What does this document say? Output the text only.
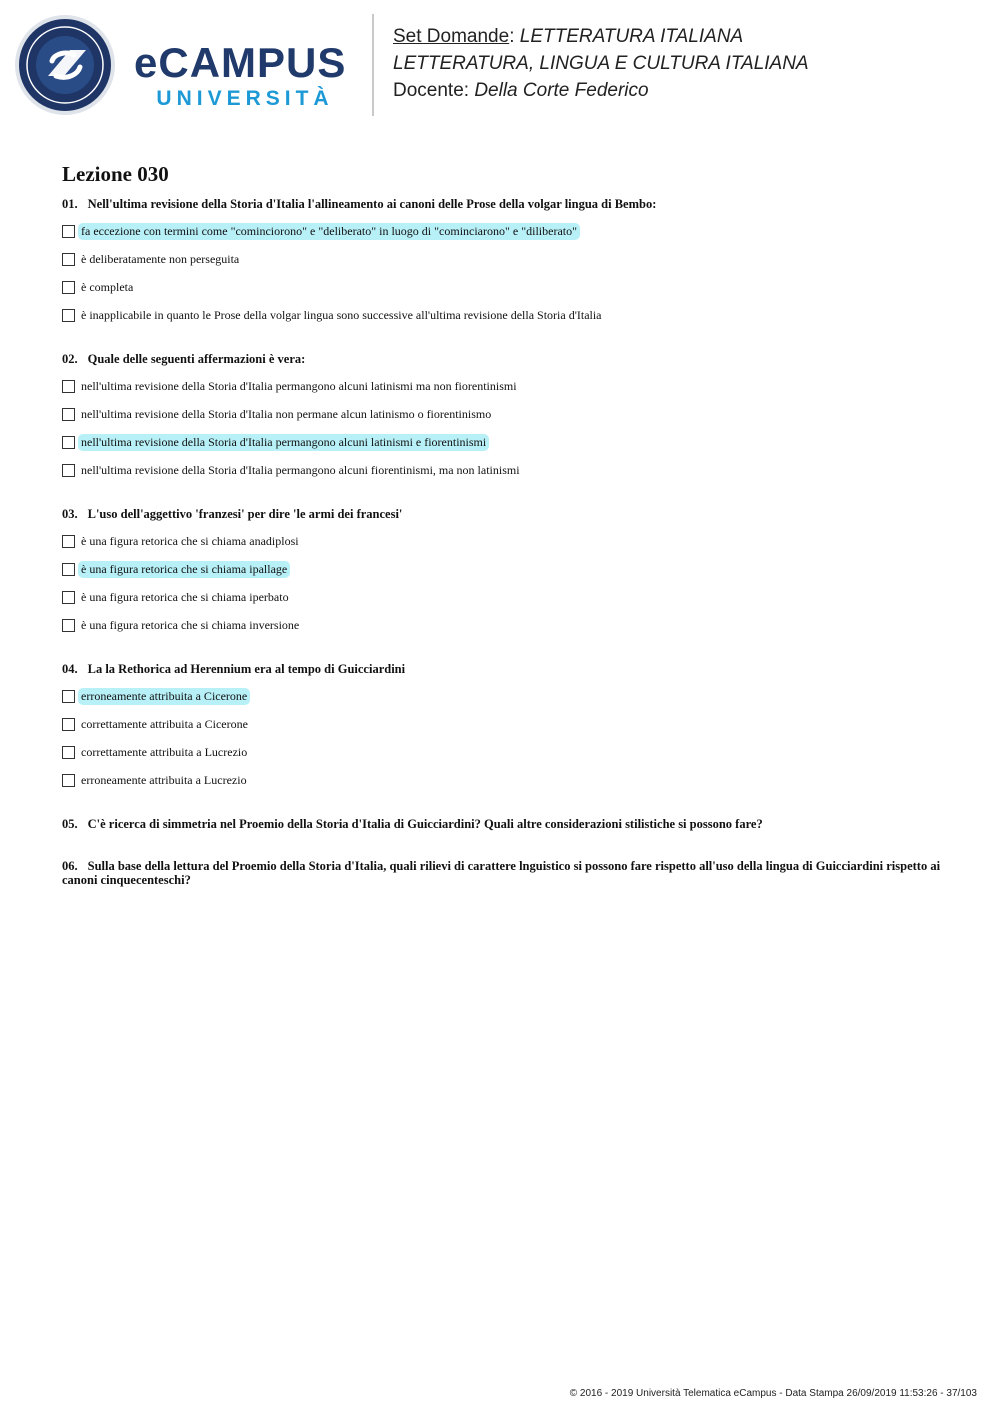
eCAMPUS
UNIVERSITÀ
Set Domande: LETTERATURA ITALIANA
LETTERATURA, LINGUA E CULTURA ITALIANA
Docente: Della Corte Federico
Lezione 030

01. Nell'ultima revisione della Storia d'Italia l'allineamento ai canoni delle Prose della volgar lingua di Bembo:

fa eccezione con termini come "cominciorono" e "deliberato" in luogo di "cominciarono" e "diliberato"
è deliberatamente non perseguita
è completa
è inapplicabile in quanto le Prose della volgar lingua sono successive all'ultima revisione della Storia d'Italia

02. Quale delle seguenti affermazioni è vera:

nell'ultima revisione della Storia d'Italia permangono alcuni latinismi ma non fiorentinismi
nell'ultima revisione della Storia d'Italia non permane alcun latinismo o fiorentinismo
nell'ultima revisione della Storia d'Italia permangono alcuni latinismi e fiorentinismi
nell'ultima revisione della Storia d'Italia permangono alcuni fiorentinismi, ma non latinismi

03. L'uso dell'aggettivo 'franzesi' per dire 'le armi dei francesi'

è una figura retorica che si chiama anadiplosi
è una figura retorica che si chiama ipallage
è una figura retorica che si chiama iperbato
è una figura retorica che si chiama inversione

04. La la Rethorica ad Herennium era al tempo di Guicciardini

erroneamente attribuita a Cicerone
correttamente attribuita a Cicerone
correttamente attribuita a Lucrezio
erroneamente attribuita a Lucrezio

05. C'è ricerca di simmetria nel Proemio della Storia d'Italia di Guicciardini? Quali altre considerazioni stilistiche si possono fare?

06. Sulla base della lettura del Proemio della Storia d'Italia, quali rilievi di carattere lnguistico si possono fare rispetto all'uso della lingua di Guicciardini rispetto ai canoni cinquecenteschi?

© 2016 - 2019 Università Telematica eCampus - Data Stampa 26/09/2019 11:53:26 - 37/103
